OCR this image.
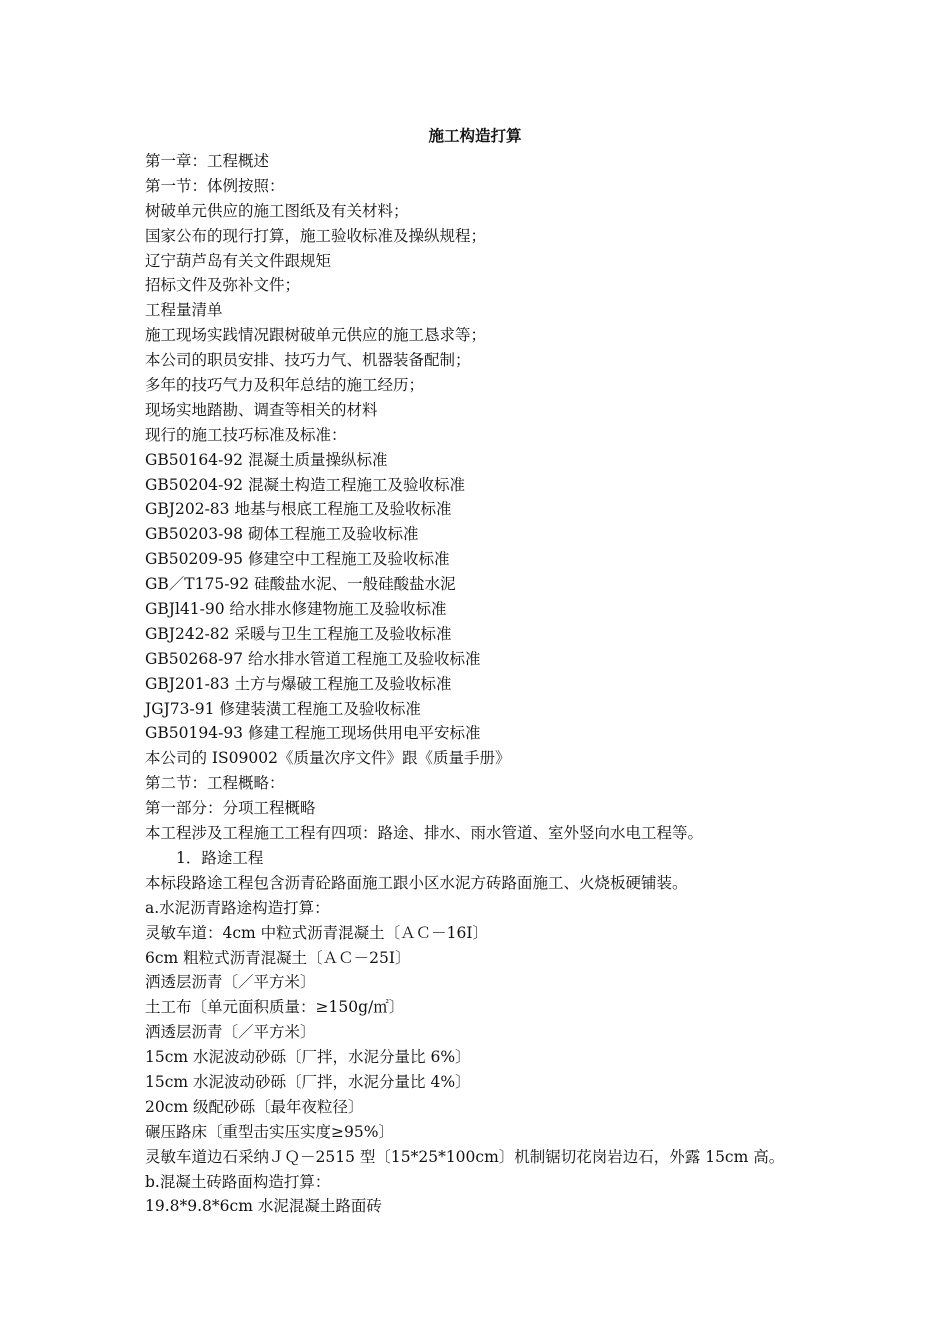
施工构造打算

第一章：工程概述

第一节：体例按照：

树破单元供应的施工图纸及有关材料；

国家公布的现行打算，施工验收标准及操纵规程；

辽宁葫芦岛有关文件跟规矩

招标文件及弥补文件；

工程量清单

施工现场实践情况跟树破单元供应的施工恳求等；

本公司的职员安排、技巧力气、机器装备配制；

多年的技巧气力及积年总结的施工经历；

现场实地踏勘、调查等相关的材料

现行的施工技巧标准及标准：

GB50164-92 混凝土质量操纵标准

GB50204-92 混凝土构造工程施工及验收标准

GBJ202-83 地基与根底工程施工及验收标准

GB50203-98 砌体工程施工及验收标准

GB50209-95 修建空中工程施工及验收标准

GB／T175-92 硅酸盐水泥、一般硅酸盐水泥

GBJl41-90 给水排水修建物施工及验收标准

GBJ242-82 采暖与卫生工程施工及验收标准

GB50268-97 给水排水管道工程施工及验收标准

GBJ201-83 土方与爆破工程施工及验收标准

JGJ73-91 修建装潢工程施工及验收标准

GB50194-93 修建工程施工现场供用电平安标准

本公司的 IS09002《质量次序文件》跟《质量手册》

第二节：工程概略：

第一部分：分项工程概略

本工程涉及工程施工工程有四项：路途、排水、雨水管道、室外竖向水电工程等。

1．路途工程

本标段路途工程包含沥青砼路面施工跟小区水泥方砖路面施工、火烧板硬铺装。

a.水泥沥青路途构造打算：

灵敏车道：4cm 中粒式沥青混凝土〔ＡＣ－16Ⅰ〕

6cm 粗粒式沥青混凝土〔ＡＣ－25Ⅰ〕

洒透层沥青〔／平方米〕

土工布〔单元面积质量：≥150g/㎡〕

洒透层沥青〔／平方米〕

15cm 水泥波动砂砾〔厂拌，水泥分量比 6%〕

15cm 水泥波动砂砾〔厂拌，水泥分量比 4%〕

20cm 级配砂砾〔最年夜粒径〕

碾压路床〔重型击实压实度≥95%〕

灵敏车道边石采纳ＪＱ－2515 型〔15*25*100cm〕机制锯切花岗岩边石，外露 15cm 高。

b.混凝土砖路面构造打算：

19.8*9.8*6cm 水泥混凝土路面砖
